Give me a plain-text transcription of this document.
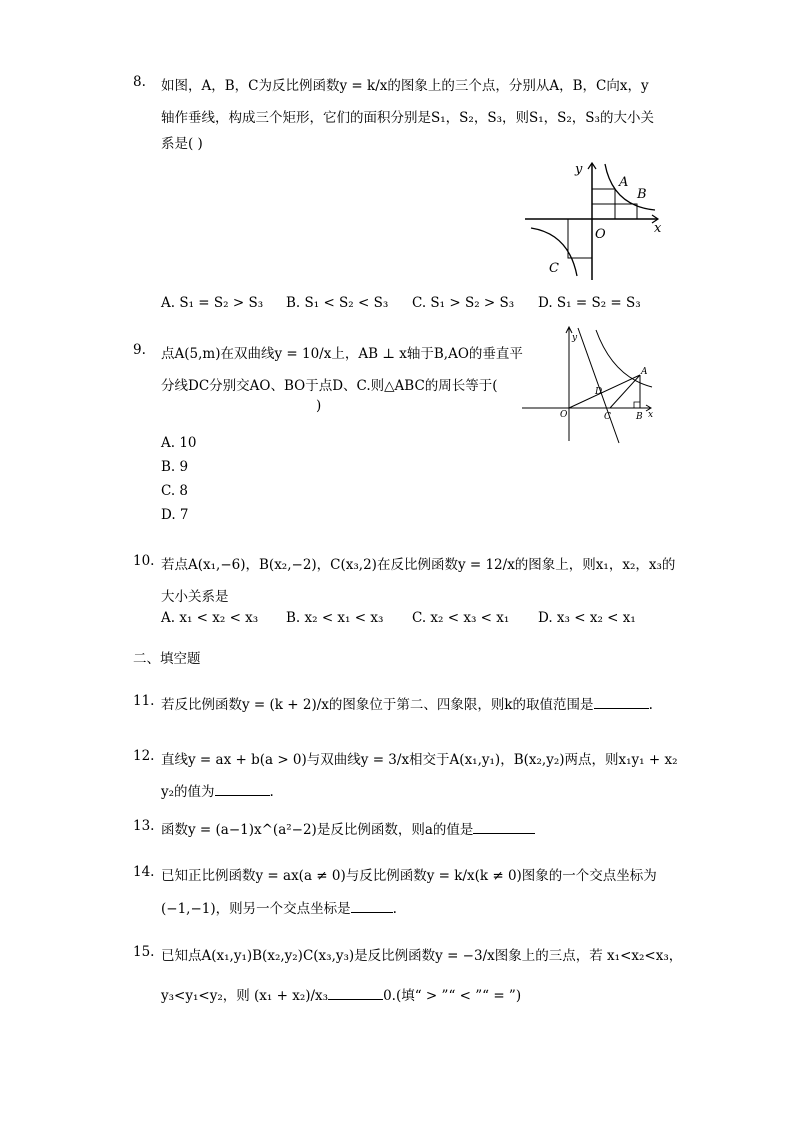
8.	如图，A，B，C为反比例函数y = k/x的图象上的三个点，分别从A，B，C向x，y
轴作垂线，构成三个矩形，它们的面积分别是S₁，S₂，S₃，则S₁，S₂，S₃的大小关
系是( )
y
x
O
A
B
C
A. S₁ = S₂ > S₃ B. S₁ < S₂ < S₃ C. S₁ > S₂ > S₃ D. S₁ = S₂ = S₃
9.	点A(5,m)在双曲线y = 10/x上，AB ⊥ x轴于B,AO的垂直平
分线DC分别交AO、BO于点D、C.则△ABC的周长等于(
)
y
x
O
A
B
C
D
A. 10
B. 9
C. 8
D. 7
10. 若点A(x₁,−6)，B(x₂,−2)，C(x₃,2)在反比例函数y = 12/x的图象上，则x₁，x₂，x₃的
大小关系是
A. x₁ < x₂ < x₃ B. x₂ < x₁ < x₃ C. x₂ < x₃ < x₁ D. x₃ < x₂ < x₁
二、填空题
11. 若反比例函数y = (k + 2)/x的图象位于第二、四象限，则k的取值范围是	.
12. 直线y = ax + b(a > 0)与双曲线y = 3/x相交于A(x₁,y₁)，B(x₂,y₂)两点，则x₁y₁ + x₂
y₂的值为	.
13. 函数y = (a−1)x^(a²−2)是反比例函数，则a的值是
14. 已知正比例函数y = ax(a ≠ 0)与反比例函数y = k/x(k ≠ 0)图象的一个交点坐标为
(−1,−1)，则另一个交点坐标是	.
15. 已知点A(x₁,y₁)B(x₂,y₂)C(x₃,y₃)是反比例函数y = −3/x图象上的三点，若 x₁<x₂<x₃，
y₃<y₁<y₂，则 (x₁ + x₂)/x₃	0.(填“ > ”“ < ”“ = ”)
